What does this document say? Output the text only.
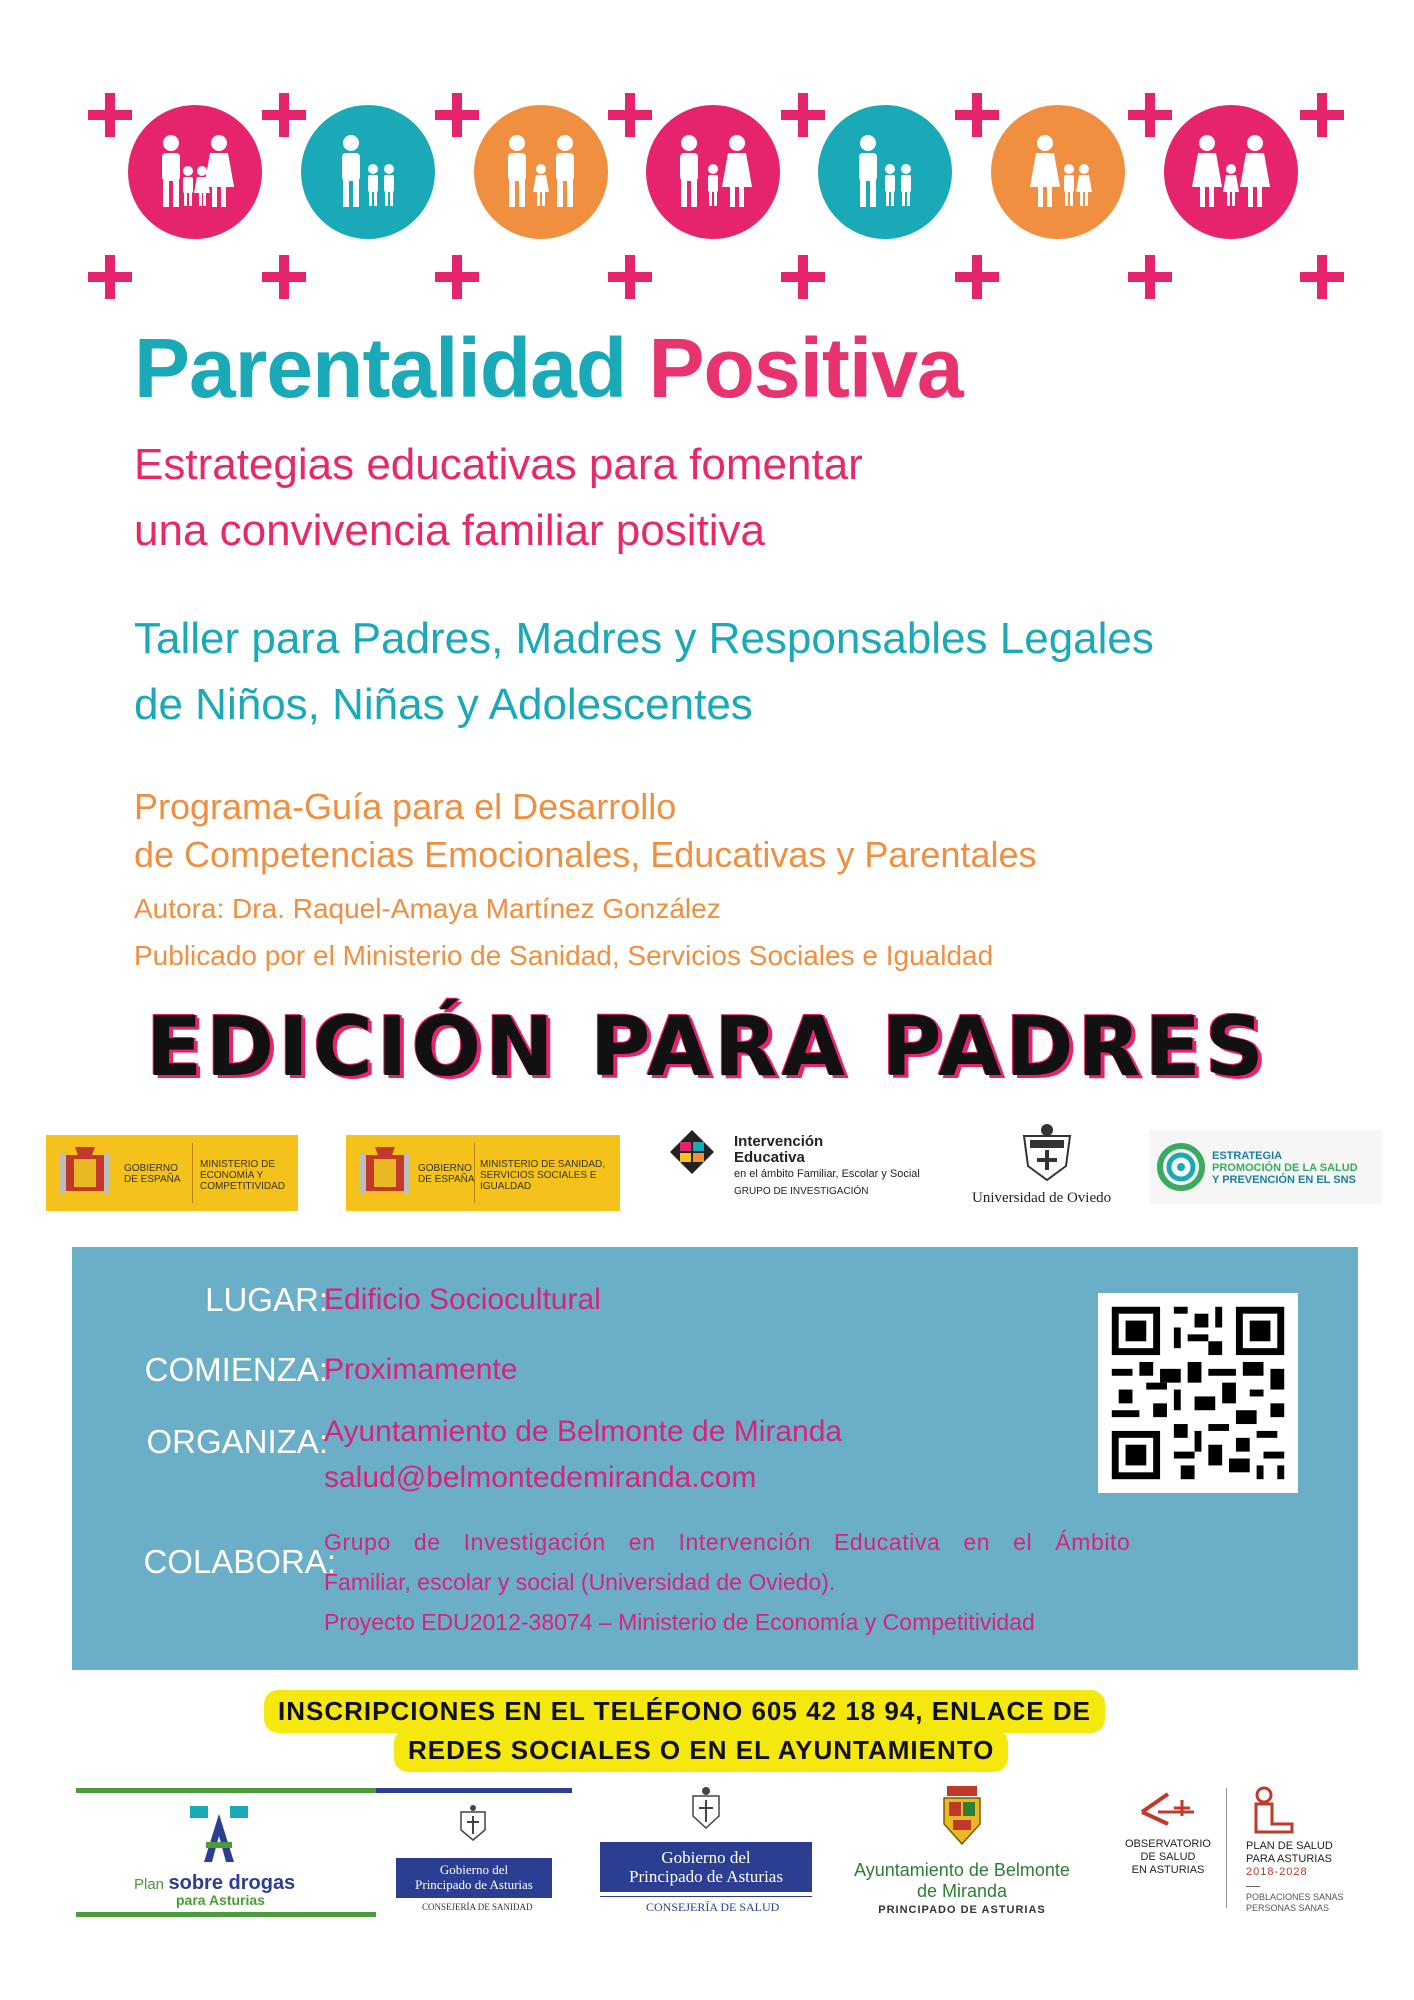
Parentalidad Positiva
Estrategias educativas para fomentar
una convivencia familiar positiva
Taller para Padres, Madres y Responsables Legales
de Niños, Niñas y Adolescentes
Programa-Guía para el Desarrollo
de Competencias Emocionales, Educativas y Parentales
Autora: Dra. Raquel-Amaya Martínez González
Publicado por el Ministerio de Sanidad, Servicios Sociales e Igualdad
EDICIÓN PARA PADRES
GOBIERNO DE ESPAÑA
MINISTERIO DE ECONOMÍA Y COMPETITIVIDAD
GOBIERNO DE ESPAÑA
MINISTERIO DE SANIDAD, SERVICIOS SOCIALES E IGUALDAD
Intervención
Educativa
en el ámbito Familiar, Escolar y Social
GRUPO DE INVESTIGACIÓN	Universidad de Oviedo
ESTRATEGIA
PROMOCIÓN DE LA SALUD
Y PREVENCIÓN EN EL SNS
LUGAR:
Edificio Sociocultural
COMIENZA:
Proximamente
ORGANIZA:
Ayuntamiento de Belmonte de Miranda
salud@belmontedemiranda.com
COLABORA:
Grupo de Investigación en Intervención Educativa en el Ámbito
Familiar, escolar y social (Universidad de Oviedo).
Proyecto EDU2012-38074 – Ministerio de Economía y Competitividad
INSCRIPCIONES EN EL TELÉFONO 605 42 18 94, ENLACE DE
REDES SOCIALES O EN EL AYUNTAMIENTO
Plan sobre drogas
para Asturias
Gobierno del
Principado de Asturias
CONSEJERÍA DE SANIDAD
Gobierno del
Principado de Asturias
CONSEJERÍA DE SALUD
Ayuntamiento de Belmonte
de Miranda
PRINCIPADO DE ASTURIAS
OBSERVATORIO
DE SALUD
EN ASTURIAS
PLAN DE SALUD
PARA ASTURIAS
2018-2028
POBLACIONES SANAS
PERSONAS SANAS
